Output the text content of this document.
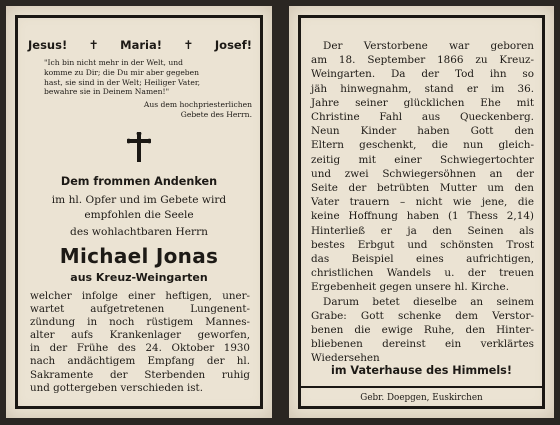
Jesus! ✝ Maria! ✝ Josef!
"Ich bin nicht mehr in der Welt, und
komme zu Dir; die Du mir aber gegeben
hast, sie sind in der Welt; Heiliger Vater,
bewahre sie in Deinem Namen!"
Aus dem hochpriesterlichen
Gebete des Herrn.
Dem frommen Andenken
im hl. Opfer und im Gebete wird
empfohlen die Seele
des wohlachtbaren Herrn
Michael Jonas
aus Kreuz-Weingarten
welcher infolge einer heftigen, uner-
wartet aufgetretenen Lungenent-
zündung in noch rüstigem Mannes-
alter aufs Krankenlager geworfen,
in der Frühe des 24. Oktober 1930
nach andächtigem Empfang der hl.
Sakramente der Sterbenden ruhig
und gottergeben verschieden ist.
Der Verstorbene war geboren
am 18. September 1866 zu Kreuz-
Weingarten. Da der Tod ihn so
jäh hinwegnahm, stand er im 36.
Jahre seiner glücklichen Ehe mit
Christine Fahl aus Queckenberg.
Neun Kinder haben Gott den
Eltern geschenkt, die nun gleich-
zeitig mit einer Schwiegertochter
und zwei Schwiegersöhnen an der
Seite der betrübten Mutter um den
Vater trauern – nicht wie jene, die
keine Hoffnung haben (1 Thess 2,14)
Hinterließ er ja den Seinen als
bestes Erbgut und schönsten Trost
das Beispiel eines aufrichtigen,
christlichen Wandels u. der treuen
Ergebenheit gegen unsere hl. Kirche.
Darum betet dieselbe an seinem
Grabe: Gott schenke dem Verstor-
benen die ewige Ruhe, den Hinter-
bliebenen dereinst ein verklärtes
Wiedersehen
im Vaterhause des Himmels!
Gebr. Doepgen, Euskirchen
